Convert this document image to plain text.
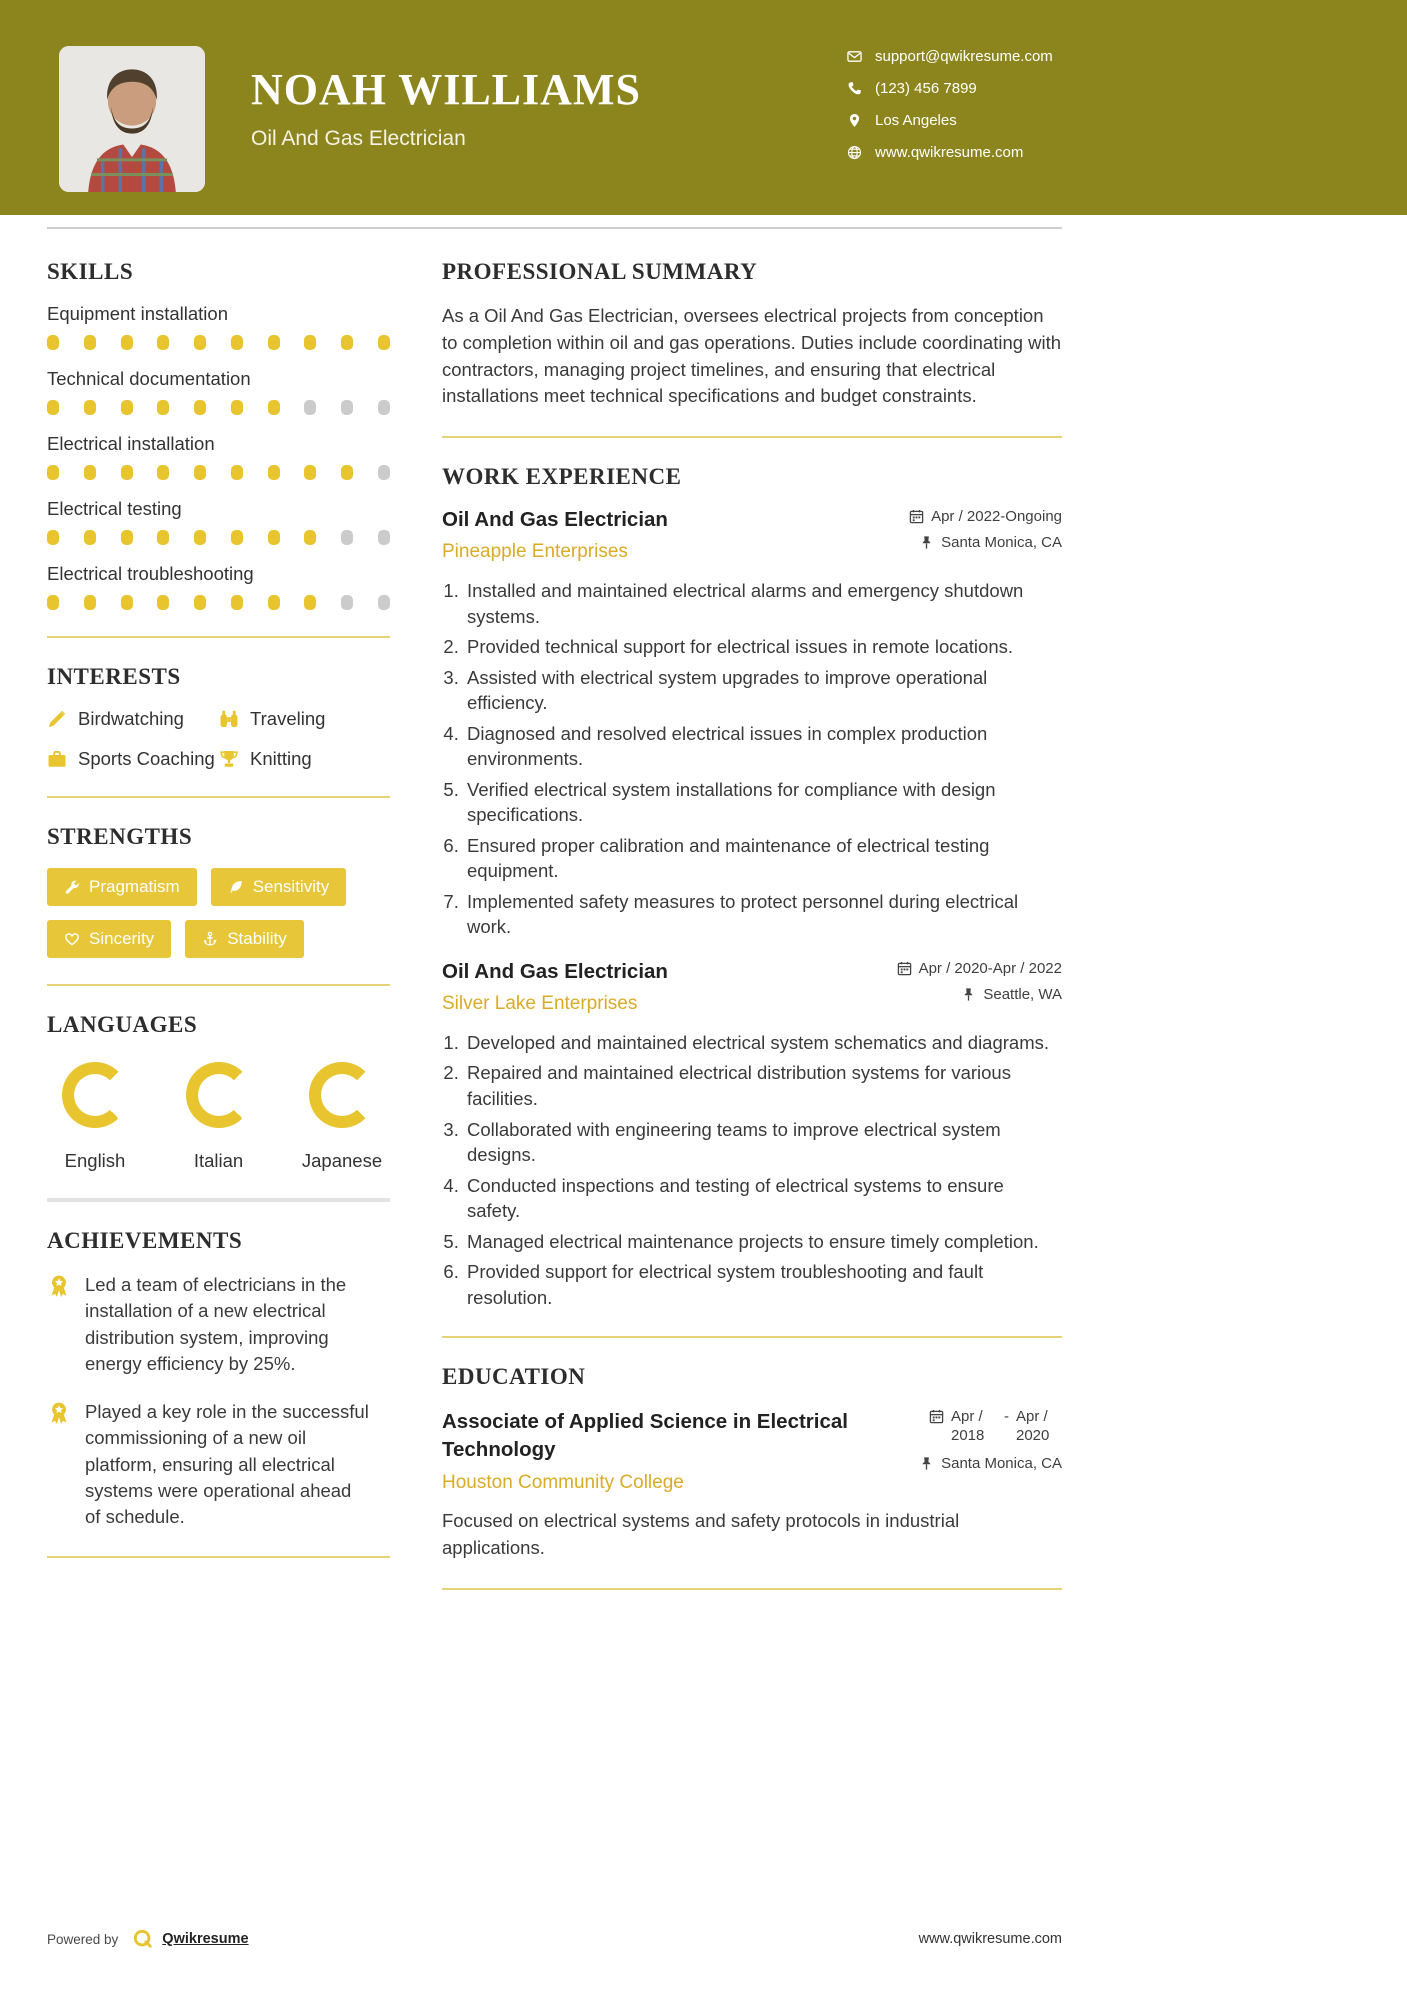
NOAH WILLIAMS
Oil And Gas Electrician
support@qwikresume.com
(123) 456 7899
Los Angeles
www.qwikresume.com
SKILLS
Equipment installation
Technical documentation
Electrical installation
Electrical testing
Electrical troubleshooting
INTERESTS
Birdwatching	Traveling
Sports Coaching Knitting
STRENGTHS
Pragmatism	Sensitivity
Sincerity	Stability
LANGUAGES
English	Italian	Japanese
ACHIEVEMENTS
Led a team of electricians in the installation of a new electrical distribution system, improving energy efficiency by 25%.
Played a key role in the successful commissioning of a new oil platform, ensuring all electrical systems were operational ahead of schedule.
PROFESSIONAL SUMMARY
As a Oil And Gas Electrician, oversees electrical projects from conception to completion within oil and gas operations. Duties include coordinating with contractors, managing project timelines, and ensuring that electrical installations meet technical specifications and budget constraints.
WORK EXPERIENCE
Oil And Gas Electrician
Pineapple Enterprises
Apr / 2022-Ongoing
Santa Monica, CA
1. Installed and maintained electrical alarms and emergency shutdown systems.
2. Provided technical support for electrical issues in remote locations.
3. Assisted with electrical system upgrades to improve operational efficiency.
4. Diagnosed and resolved electrical issues in complex production environments.
5. Verified electrical system installations for compliance with design specifications.
6. Ensured proper calibration and maintenance of electrical testing equipment.
7. Implemented safety measures to protect personnel during electrical work.
Oil And Gas Electrician
Silver Lake Enterprises
Apr / 2020-Apr / 2022
Seattle, WA
1. Developed and maintained electrical system schematics and diagrams.
2. Repaired and maintained electrical distribution systems for various facilities.
3. Collaborated with engineering teams to improve electrical system designs.
4. Conducted inspections and testing of electrical systems to ensure safety.
5. Managed electrical maintenance projects to ensure timely completion.
6. Provided support for electrical system troubleshooting and fault resolution.
EDUCATION
Associate of Applied Science in Electrical Technology
Houston Community College
Apr / 2018
- Apr / 2020
Santa Monica, CA
Focused on electrical systems and safety protocols in industrial applications.
Powered by	Qwikresume	www.qwikresume.com
